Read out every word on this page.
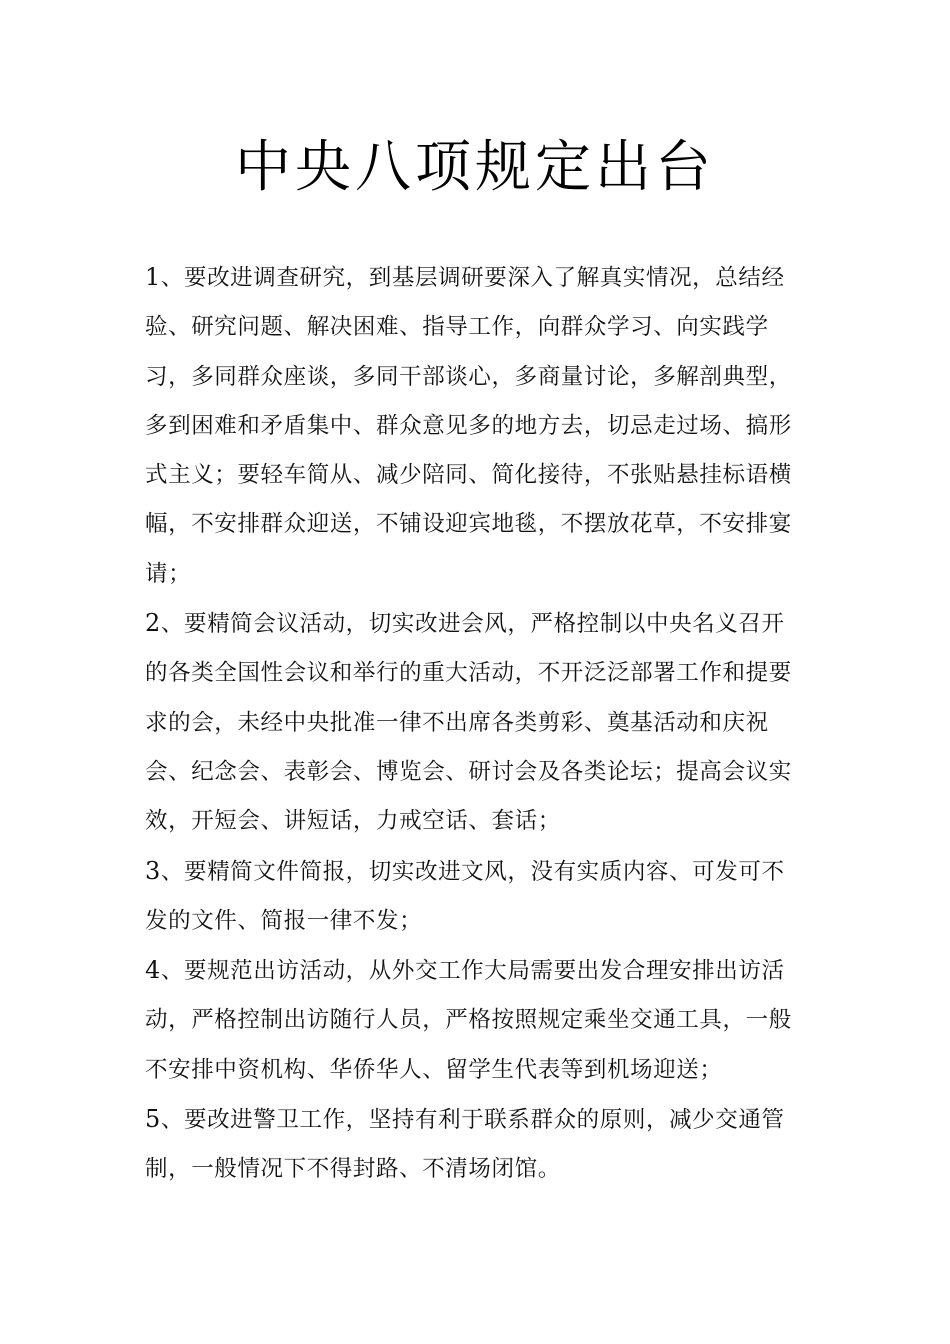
中央八项规定出台

1、要改进调查研究，到基层调研要深入了解真实情况，总结经验、研究问题、解决困难、指导工作，向群众学习、向实践学习，多同群众座谈，多同干部谈心，多商量讨论，多解剖典型，多到困难和矛盾集中、群众意见多的地方去，切忌走过场、搞形式主义；要轻车简从、减少陪同、简化接待，不张贴悬挂标语横幅，不安排群众迎送，不铺设迎宾地毯，不摆放花草，不安排宴请；

2、要精简会议活动，切实改进会风，严格控制以中央名义召开的各类全国性会议和举行的重大活动，不开泛泛部署工作和提要求的会，未经中央批准一律不出席各类剪彩、奠基活动和庆祝会、纪念会、表彰会、博览会、研讨会及各类论坛；提高会议实效，开短会、讲短话，力戒空话、套话；

3、要精简文件简报，切实改进文风，没有实质内容、可发可不发的文件、简报一律不发；

4、要规范出访活动，从外交工作大局需要出发合理安排出访活动，严格控制出访随行人员，严格按照规定乘坐交通工具，一般不安排中资机构、华侨华人、留学生代表等到机场迎送；

5、要改进警卫工作，坚持有利于联系群众的原则，减少交通管制，一般情况下不得封路、不清场闭馆。
